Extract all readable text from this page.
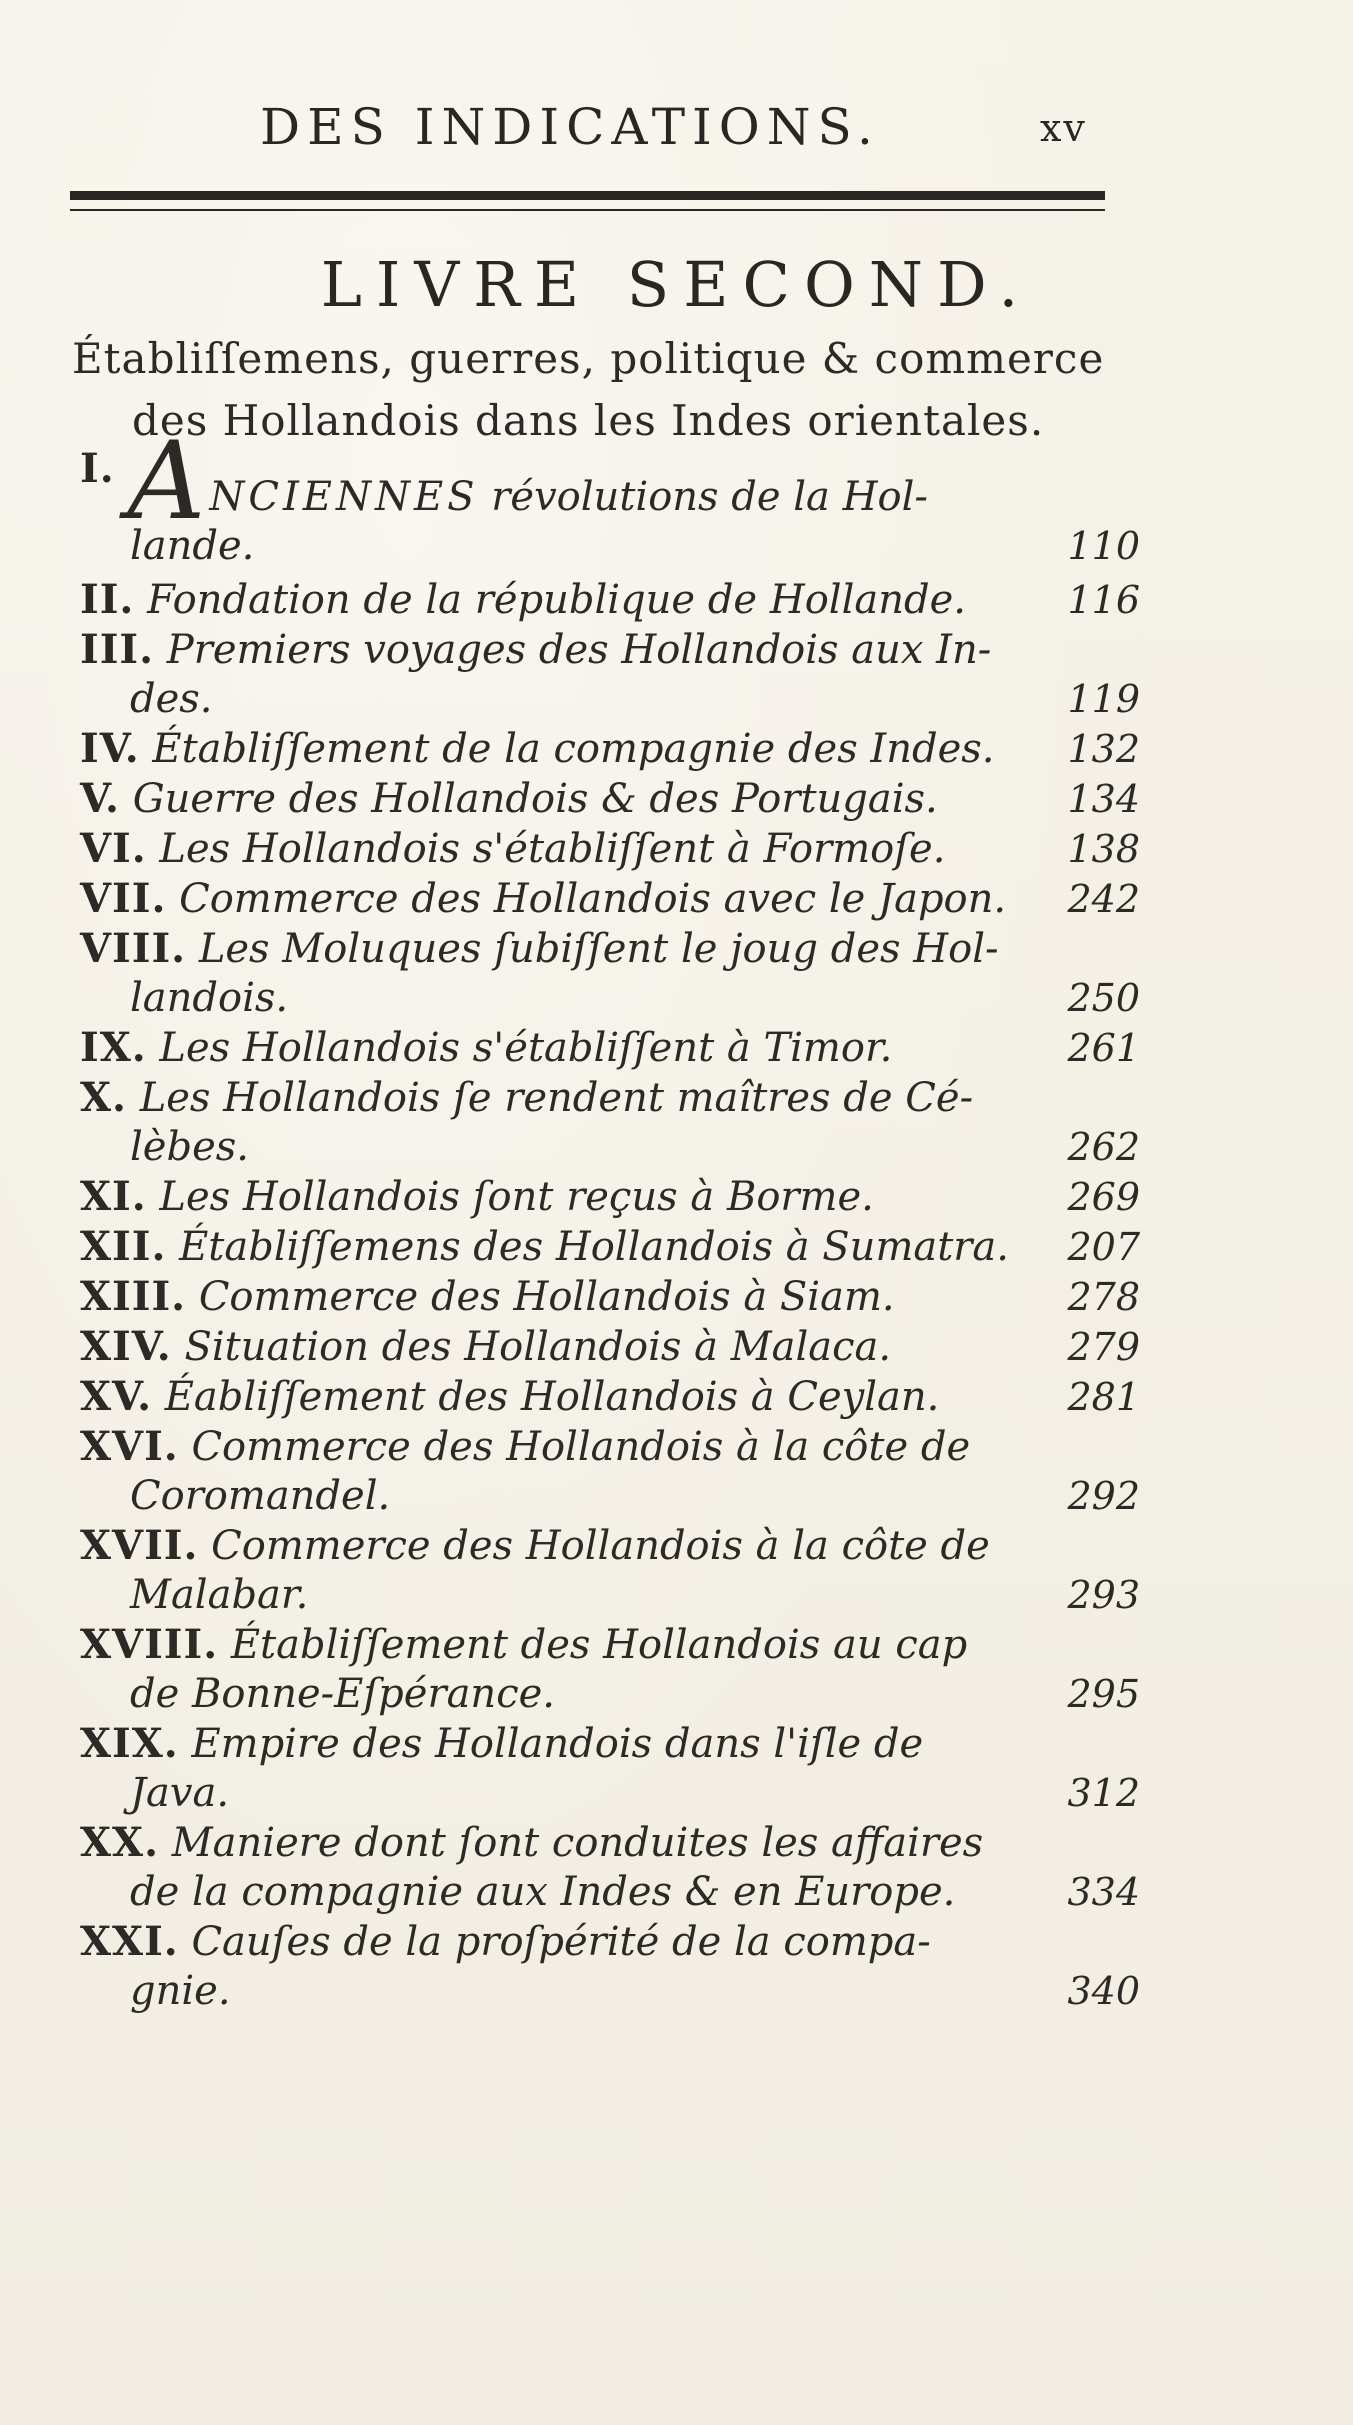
DES INDICATIONS.	xv
LIVRE SECOND.
Établiſſemens, guerres, politique & commerce
des Hollandois dans les Indes orientales.
I. A NCIENNES révolutions de la Hol-
lande.	110
II. Fondation de la république de Hollande.	116
III. Premiers voyages des Hollandois aux In-
des.	119
IV. Établiſſement de la compagnie des Indes.	132
V. Guerre des Hollandois & des Portugais.	134
VI. Les Hollandois s'établiſſent à Formoſe.	138
VII. Commerce des Hollandois avec le Japon.	242
VIII. Les Moluques ſubiſſent le joug des Hol-
landois.	250
IX. Les Hollandois s'établiſſent à Timor.	261
X. Les Hollandois ſe rendent maîtres de Cé-
lèbes.	262
XI. Les Hollandois ſont reçus à Borme.	269
XII. Établiſſemens des Hollandois à Sumatra.	207
XIII. Commerce des Hollandois à Siam.	278
XIV. Situation des Hollandois à Malaca.	279
XV. Éabliſſement des Hollandois à Ceylan.	281
XVI. Commerce des Hollandois à la côte de
Coromandel.	292
XVII. Commerce des Hollandois à la côte de
Malabar.	293
XVIII. Établiſſement des Hollandois au cap
de Bonne-Eſpérance.	295
XIX. Empire des Hollandois dans l'iſle de
Java.	312
XX. Maniere dont ſont conduites les affaires
de la compagnie aux Indes & en Europe.	334
XXI. Cauſes de la proſpérité de la compa-
gnie.	340
